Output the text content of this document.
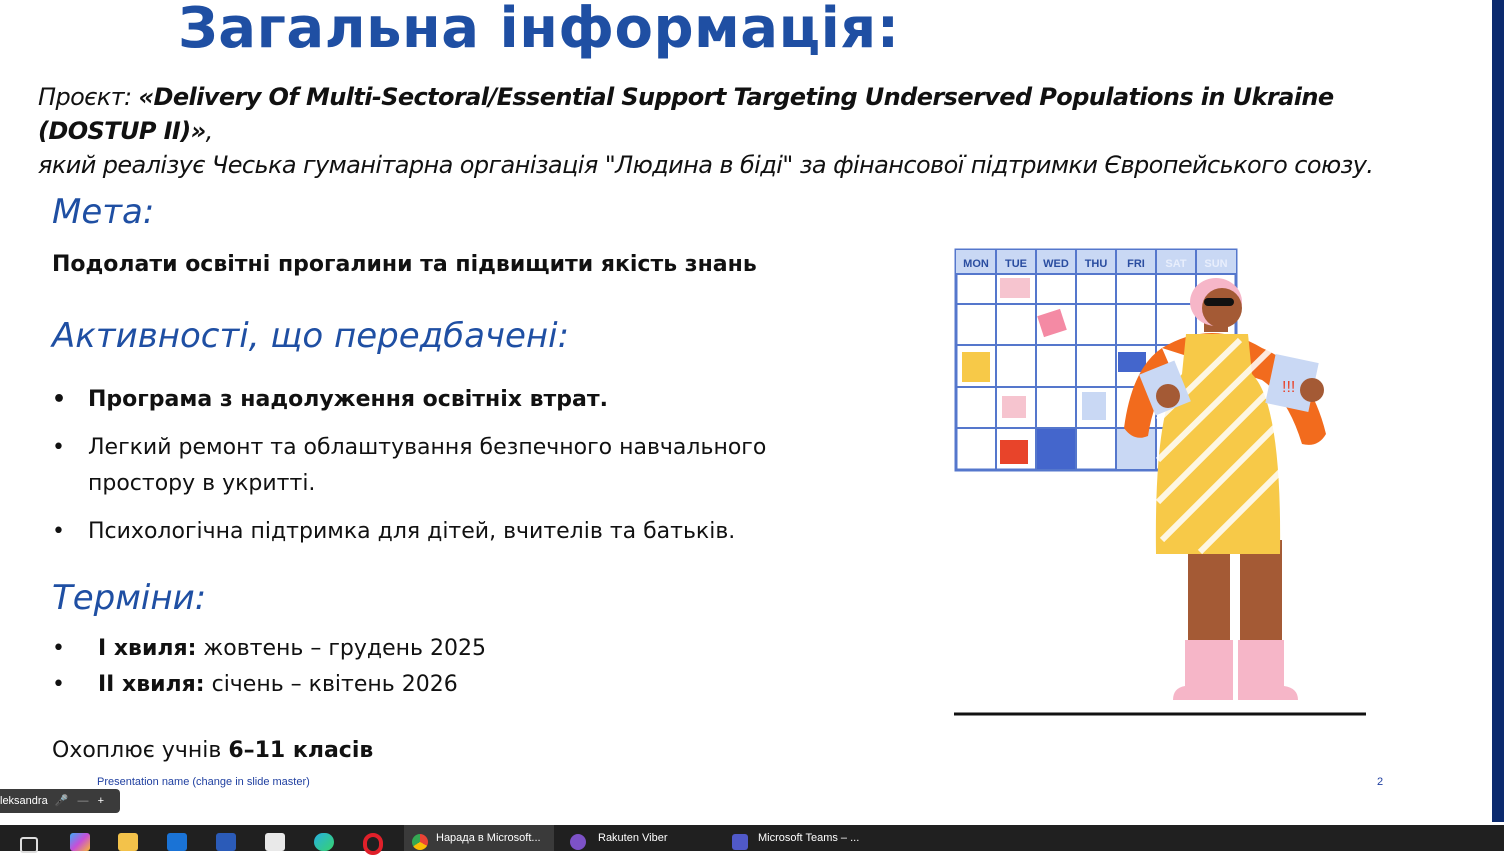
Загальна інформація:
Проєкт: «Delivery Of Multi-Sectoral/Essential Support Targeting Underserved Populations in Ukraine (DOSTUP II)»,
який реалізує Чеська гуманітарна організація "Людина в біді" за фінансової підтримки Європейського союзу.
Мета:
Подолати освітні прогалини та підвищити якість знань
Активності, що передбачені:
• Програма з надолуження освітніх втрат.
• Легкий ремонт та облаштування безпечного навчального простору в укритті.
• Психологічна підтримка для дітей, вчителів та батьків.
Терміни:
• I хвиля: жовтень – грудень 2025
• II хвиля: січень – квітень 2026
Охоплює учнів 6–11 класів
Presentation name (change in slide master)	2
MON TUE WED THU FRI SAT SUN
!!!
leksandra 🎤 — +
Нарада в Microsoft...	Rakuten Viber	Microsoft Teams – ...
